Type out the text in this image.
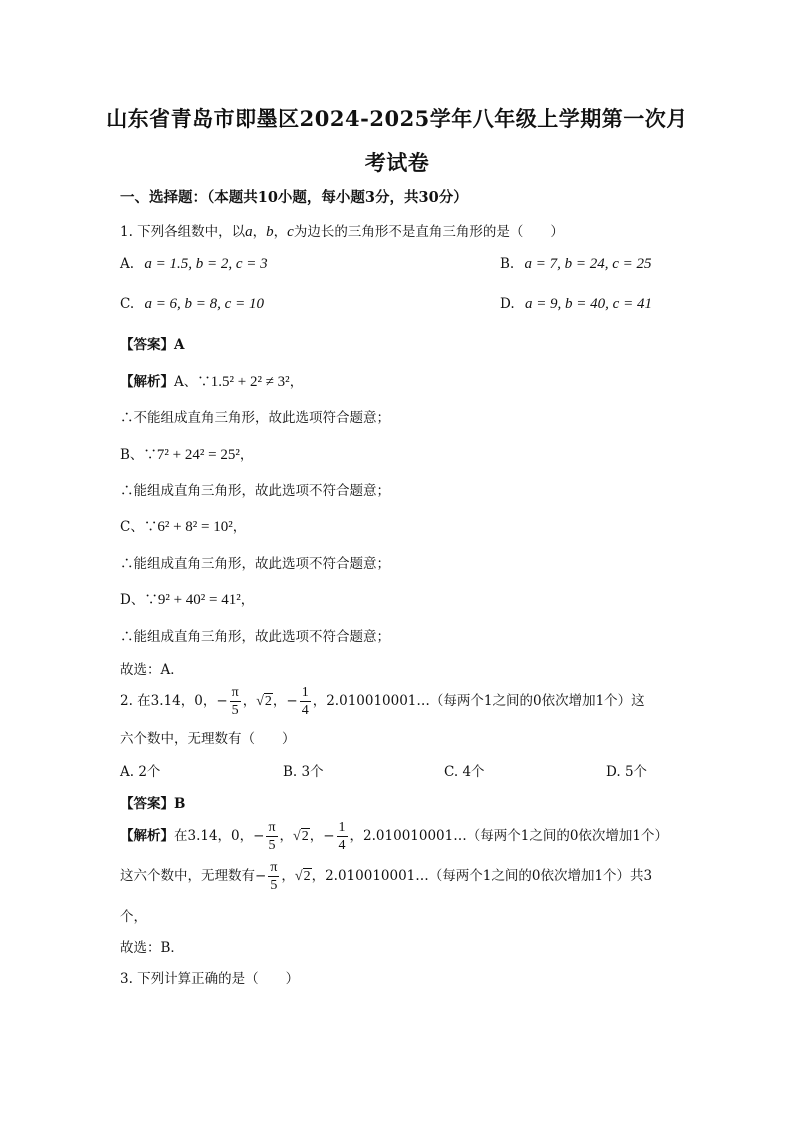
山东省青岛市即墨区2024-2025学年八年级上学期第一次月
考试卷
一、选择题：（本题共10小题，每小题3分，共30分）
1. 下列各组数中，以a，b，c为边长的三角形不是直角三角形的是（　　）
A. a = 1.5, b = 2, c = 3	B. a = 7, b = 24, c = 25
C. a = 6, b = 8, c = 10	D. a = 9, b = 40, c = 41
【答案】A
【解析】A、∵1.5² + 2² ≠ 3²，
∴不能组成直角三角形，故此选项符合题意；
B、∵7² + 24² = 25²，
∴能组成直角三角形，故此选项不符合题意；
C、∵6² + 8² = 10²，
∴能组成直角三角形，故此选项不符合题意；
D、∵9² + 40² = 41²，
∴能组成直角三角形，故此选项不符合题意；
故选：A．
2. 在3.14，0，− $\frac{\pi}{5}$ ，√2，− $\frac{1}{4}$ ，2.010010001…（每两个1之间的0依次增加1个）这
六个数中，无理数有（　　）
A. 2个	B. 3个	C. 4个	D. 5个
【答案】B
【解析】在3.14，0，− $\frac{\pi}{5}$ ，√2，− $\frac{1}{4}$ ，2.010010001…（每两个1之间的0依次增加1个）
这六个数中，无理数有− $\frac{\pi}{5}$ ，√2，2.010010001…（每两个1之间的0依次增加1个）共3
个，
故选：B．
3. 下列计算正确的是（　　）
